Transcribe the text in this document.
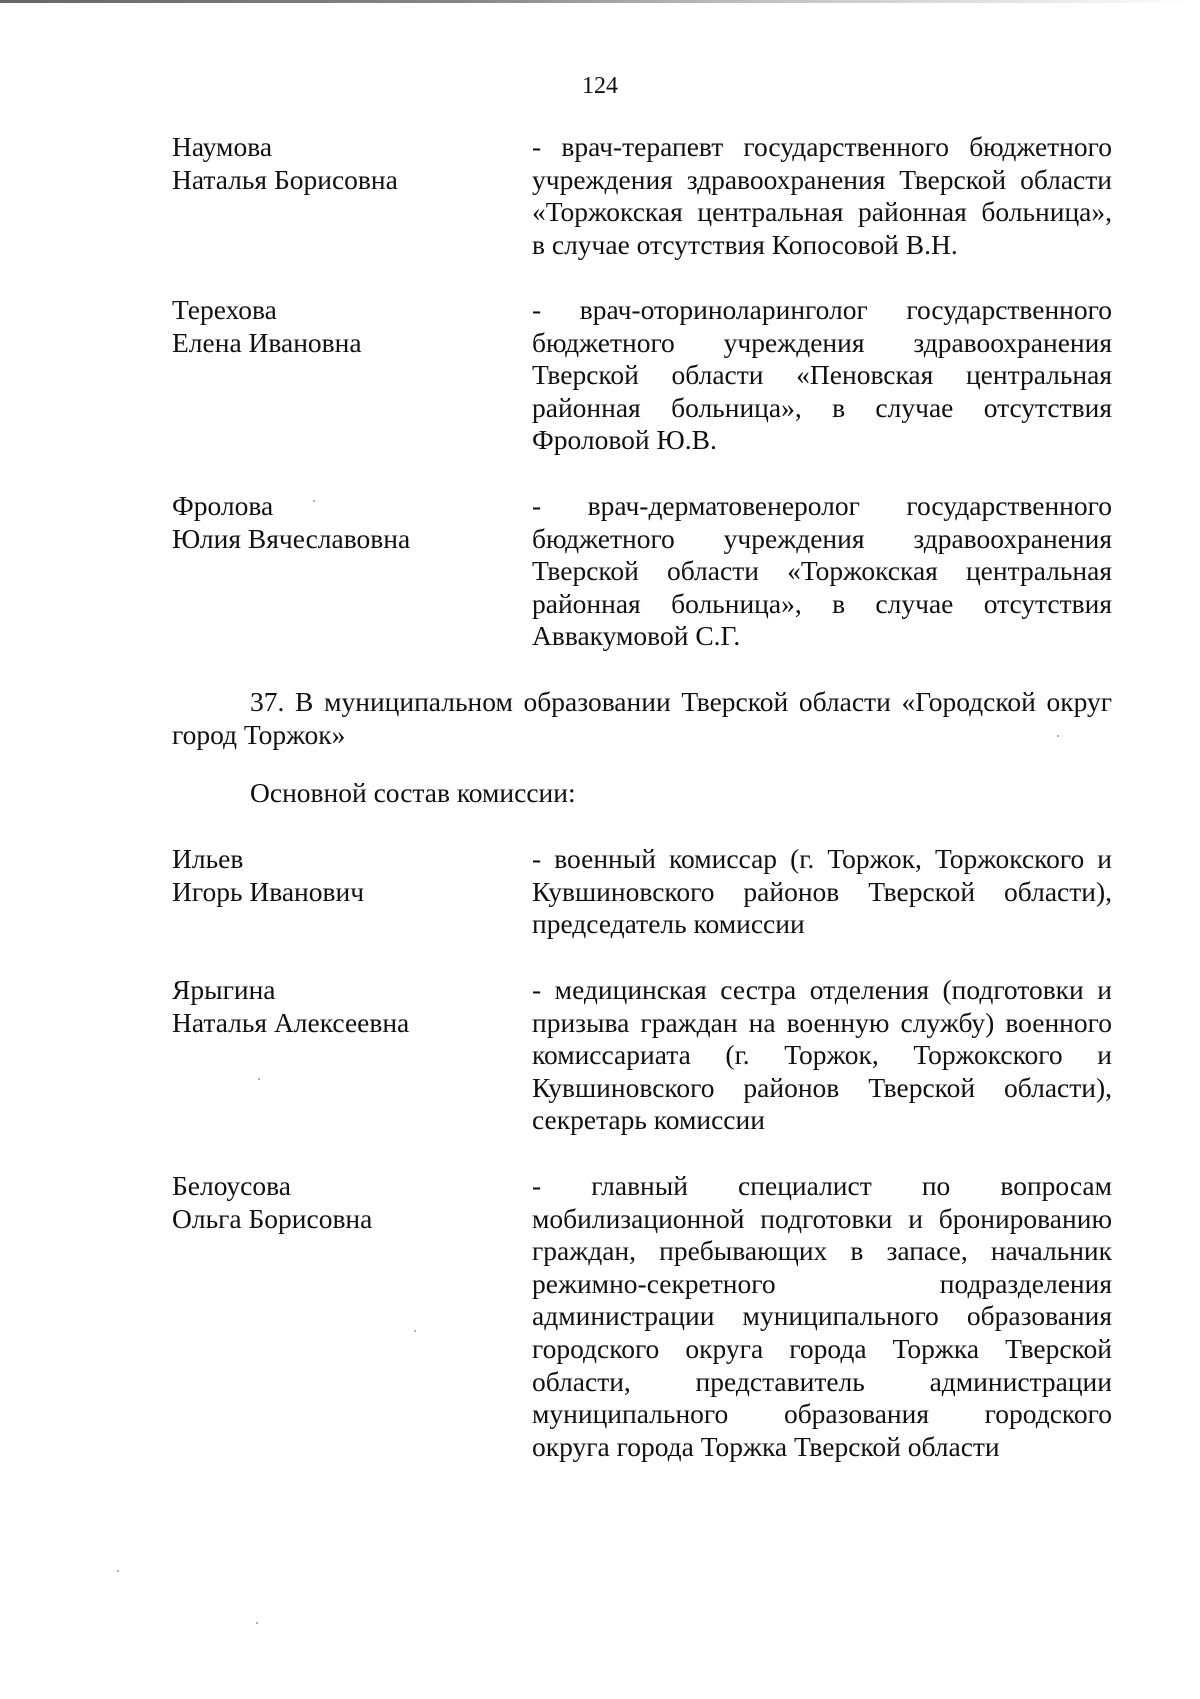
124
Наумова
Наталья Борисовна
- врач-терапевт государственного бюджетного
учреждения здравоохранения Тверской области
«Торжокская центральная районная больница»,
в случае отсутствия Копосовой В.Н.
Терехова
Елена Ивановна
- врач-оториноларинголог государственного
бюджетного учреждения здравоохранения
Тверской области «Пеновская центральная
районная больница», в случае отсутствия
Фроловой Ю.В.
Фролова
Юлия Вячеславовна
- врач-дерматовенеролог государственного
бюджетного учреждения здравоохранения
Тверской области «Торжокская центральная
районная больница», в случае отсутствия
Аввакумовой С.Г.
37. В муниципальном образовании Тверской области «Городской округ
город Торжок»
Основной состав комиссии:
Ильев
Игорь Иванович
- военный комиссар (г. Торжок, Торжокского и
Кувшиновского районов Тверской области),
председатель комиссии
Ярыгина
Наталья Алексеевна
- медицинская сестра отделения (подготовки и
призыва граждан на военную службу) военного
комиссариата (г. Торжок, Торжокского и
Кувшиновского районов Тверской области),
секретарь комиссии
Белоусова
Ольга Борисовна
- главный специалист по вопросам
мобилизационной подготовки и бронированию
граждан, пребывающих в запасе, начальник
режимно-секретного подразделения
администрации муниципального образования
городского округа города Торжка Тверской
области, представитель администрации
муниципального образования городского
округа города Торжка Тверской области
